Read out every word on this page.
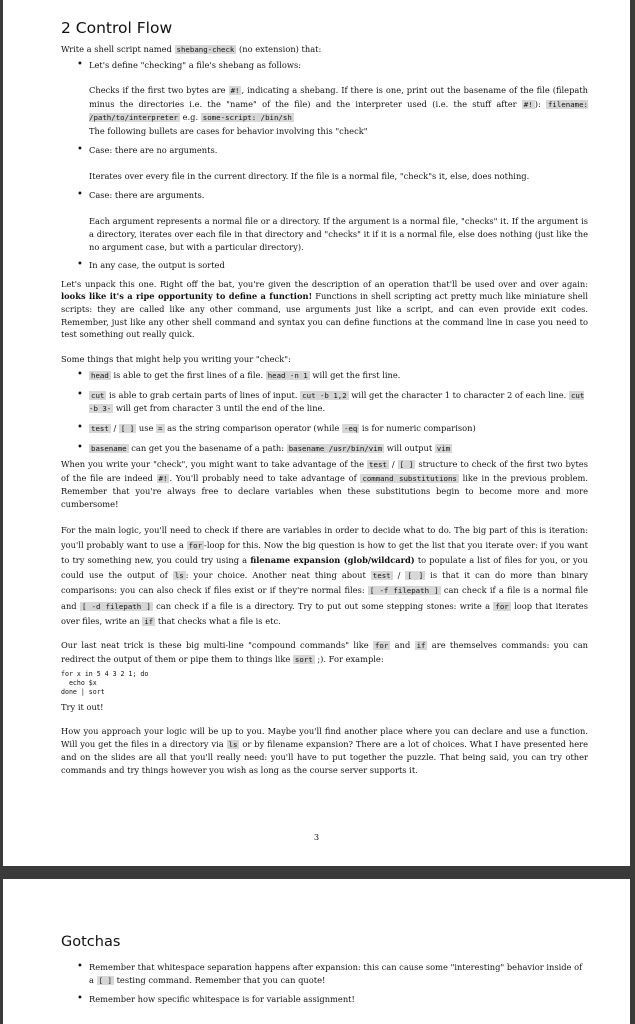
2 Control Flow

Write a shell script named shebang-check (no extension) that:

• Let's define "checking" a file's shebang as follows:

Checks if the first two bytes are #! , indicating a shebang. If there is one, print out the basename of the file (filepath minus the directories i.e. the "name" of the file) and the interpreter used (i.e. the stuff after #! ): filename: /path/to/interpreter e.g. some-script: /bin/sh

The following bullets are cases for behavior involving this "check"

• Case: there are no arguments.

Iterates over every file in the current directory. If the file is a normal file, "check"s it, else, does nothing.

• Case: there are arguments.

Each argument represents a normal file or a directory. If the argument is a normal file, "checks" it. If the argument is a directory, iterates over each file in that directory and "checks" it if it is a normal file, else does nothing (just like the no argument case, but with a particular directory).

• In any case, the output is sorted

Let's unpack this one. Right off the bat, you're given the description of an operation that'll be used over and over again: looks like it's a ripe opportunity to define a function! Functions in shell scripting act pretty much like miniature shell scripts: they are called like any other command, use arguments just like a script, and can even provide exit codes. Remember, just like any other shell command and syntax you can define functions at the command line in case you need to test something out really quick.

Some things that might help you writing your "check":

• head is able to get the first lines of a file. head -n 1 will get the first line.
• cut is able to grab certain parts of lines of input. cut -b 1,2 will get the character 1 to character 2 of each line. cut -b 3- will get from character 3 until the end of the line.
• test / [ ] use = as the string comparison operator (while -eq is for numeric comparison)
• basename can get you the basename of a path: basename /usr/bin/vim will output vim

When you write your "check", you might want to take advantage of the test / [ ] structure to check of the first two bytes of the file are indeed #! . You'll probably need to take advantage of command substitutions like in the previous problem. Remember that you're always free to declare variables when these substitutions begin to become more and more cumbersome!

For the main logic, you'll need to check if there are variables in order to decide what to do. The big part of this is iteration: you'll probably want to use a for -loop for this. Now the big question is how to get the list that you iterate over: if you want to try something new, you could try using a filename expansion (glob/wildcard) to populate a list of files for you, or you could use the output of ls : your choice. Another neat thing about test / [ ] is that it can do more than binary comparisons: you can also check if files exist or if they're normal files: [ -f filepath ] can check if a file is a normal file and [ -d filepath ] can check if a file is a directory. Try to put out some stepping stones: write a for loop that iterates over files, write an if that checks what a file is etc.

Our last neat trick is these big multi-line "compound commands" like for and if are themselves commands: you can redirect the output of them or pipe them to things like sort ;). For example:

for x in 5 4 3 2 1; do
echo $x
done | sort

Try it out!

How you approach your logic will be up to you. Maybe you'll find another place where you can declare and use a function. Will you get the files in a directory via ls or by filename expansion? There are a lot of choices. What I have presented here and on the slides are all that you'll really need: you'll have to put together the puzzle. That being said, you can try other commands and try things however you wish as long as the course server supports it.

3
Gotchas
• Remember that whitespace separation happens after expansion: this can cause some "interesting" behavior inside of a [ ] testing command. Remember that you can quote!
• Remember how specific whitespace is for variable assignment!
